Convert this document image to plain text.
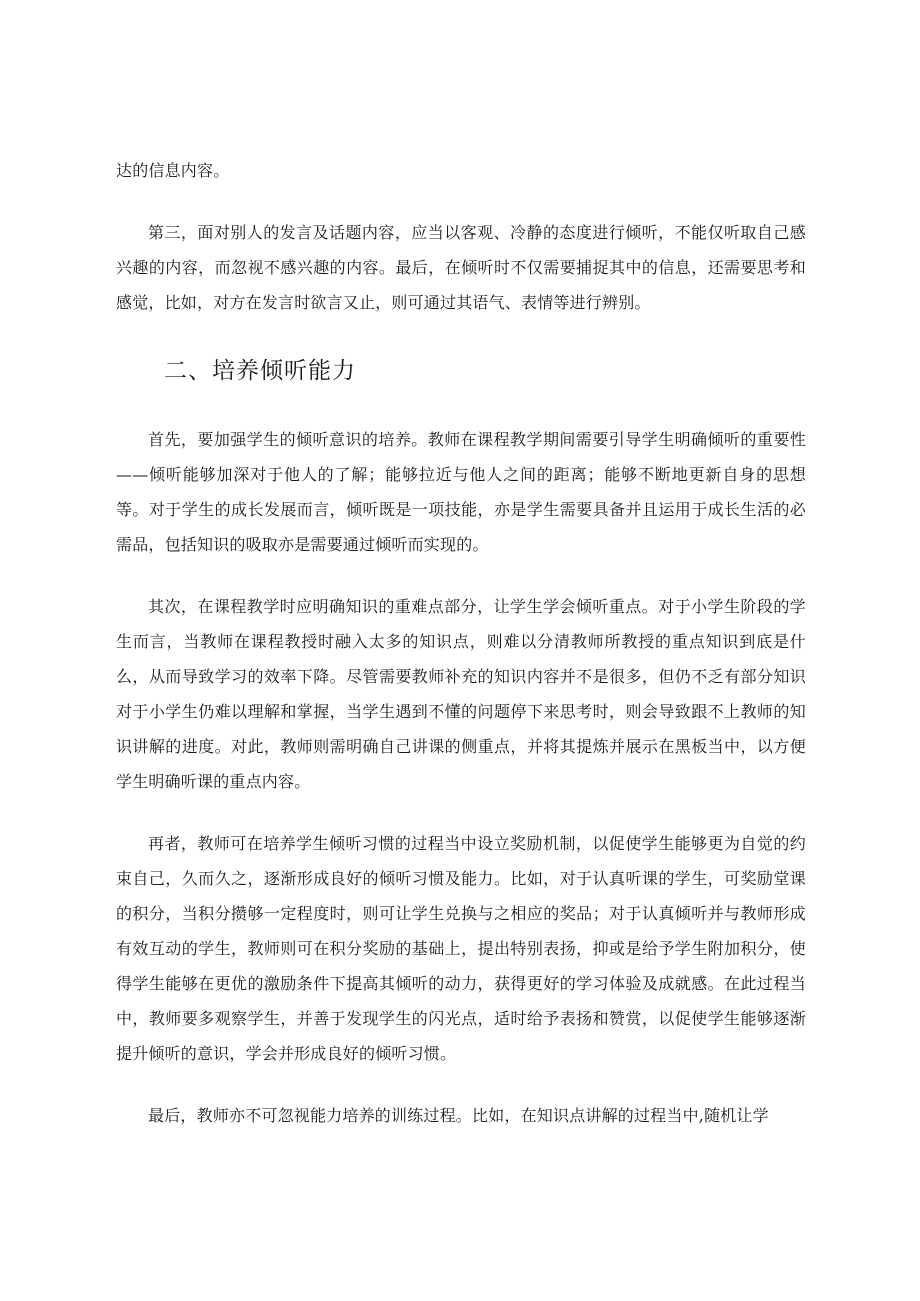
达的信息内容。

第三，面对别人的发言及话题内容，应当以客观、冷静的态度进行倾听，不能仅听取自己感兴趣的内容，而忽视不感兴趣的内容。最后，在倾听时不仅需要捕捉其中的信息，还需要思考和感觉，比如，对方在发言时欲言又止，则可通过其语气、表情等进行辨别。

二、培养倾听能力

首先，要加强学生的倾听意识的培养。教师在课程教学期间需要引导学生明确倾听的重要性——倾听能够加深对于他人的了解；能够拉近与他人之间的距离；能够不断地更新自身的思想等。对于学生的成长发展而言，倾听既是一项技能，亦是学生需要具备并且运用于成长生活的必需品，包括知识的吸取亦是需要通过倾听而实现的。

其次，在课程教学时应明确知识的重难点部分，让学生学会倾听重点。对于小学生阶段的学生而言，当教师在课程教授时融入太多的知识点，则难以分清教师所教授的重点知识到底是什么，从而导致学习的效率下降。尽管需要教师补充的知识内容并不是很多，但仍不乏有部分知识对于小学生仍难以理解和掌握，当学生遇到不懂的问题停下来思考时，则会导致跟不上教师的知识讲解的进度。对此，教师则需明确自己讲课的侧重点，并将其提炼并展示在黑板当中，以方便学生明确听课的重点内容。

再者，教师可在培养学生倾听习惯的过程当中设立奖励机制，以促使学生能够更为自觉的约束自己，久而久之，逐渐形成良好的倾听习惯及能力。比如，对于认真听课的学生，可奖励堂课的积分，当积分攒够一定程度时，则可让学生兑换与之相应的奖品；对于认真倾听并与教师形成有效互动的学生，教师则可在积分奖励的基础上，提出特别表扬，抑或是给予学生附加积分，使得学生能够在更优的激励条件下提高其倾听的动力，获得更好的学习体验及成就感。在此过程当中，教师要多观察学生，并善于发现学生的闪光点，适时给予表扬和赞赏，以促使学生能够逐渐提升倾听的意识，学会并形成良好的倾听习惯。

最后，教师亦不可忽视能力培养的训练过程。比如，在知识点讲解的过程当中,随机让学
